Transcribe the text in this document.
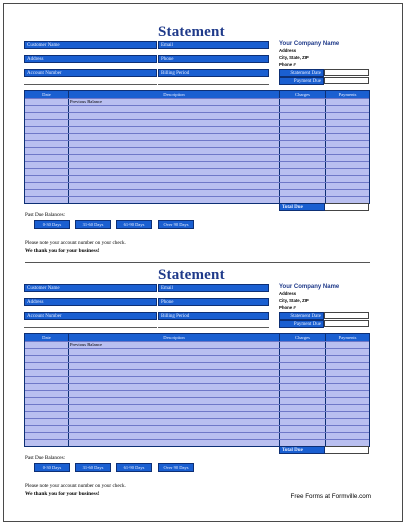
Statement
Customer Name	Email
Address	Phone
Account Number	Billing Period
Your Company Name
Address
City, State, ZIP
Phone #
Statement Date
Payment Due
Date	Description	Charges	Payments
Previous Balance
Total Due
Past Due Balances:
0-30 Days	31-60 Days	61-90 Days	Over 90 Days
Please note your account number on your check.
We thank you for your business!
Statement
Customer Name	Email
Address	Phone
Account Number	Billing Period
Your Company Name
Address
City, State, ZIP
Phone #
Statement Date
Payment Due
Date	Description	Charges	Payments
Previous Balance
Total Due
Past Due Balances:
0-30 Days	31-60 Days	61-90 Days	Over 90 Days
Please note your account number on your check.
We thank you for your business!	Free Forms at Formville.com
